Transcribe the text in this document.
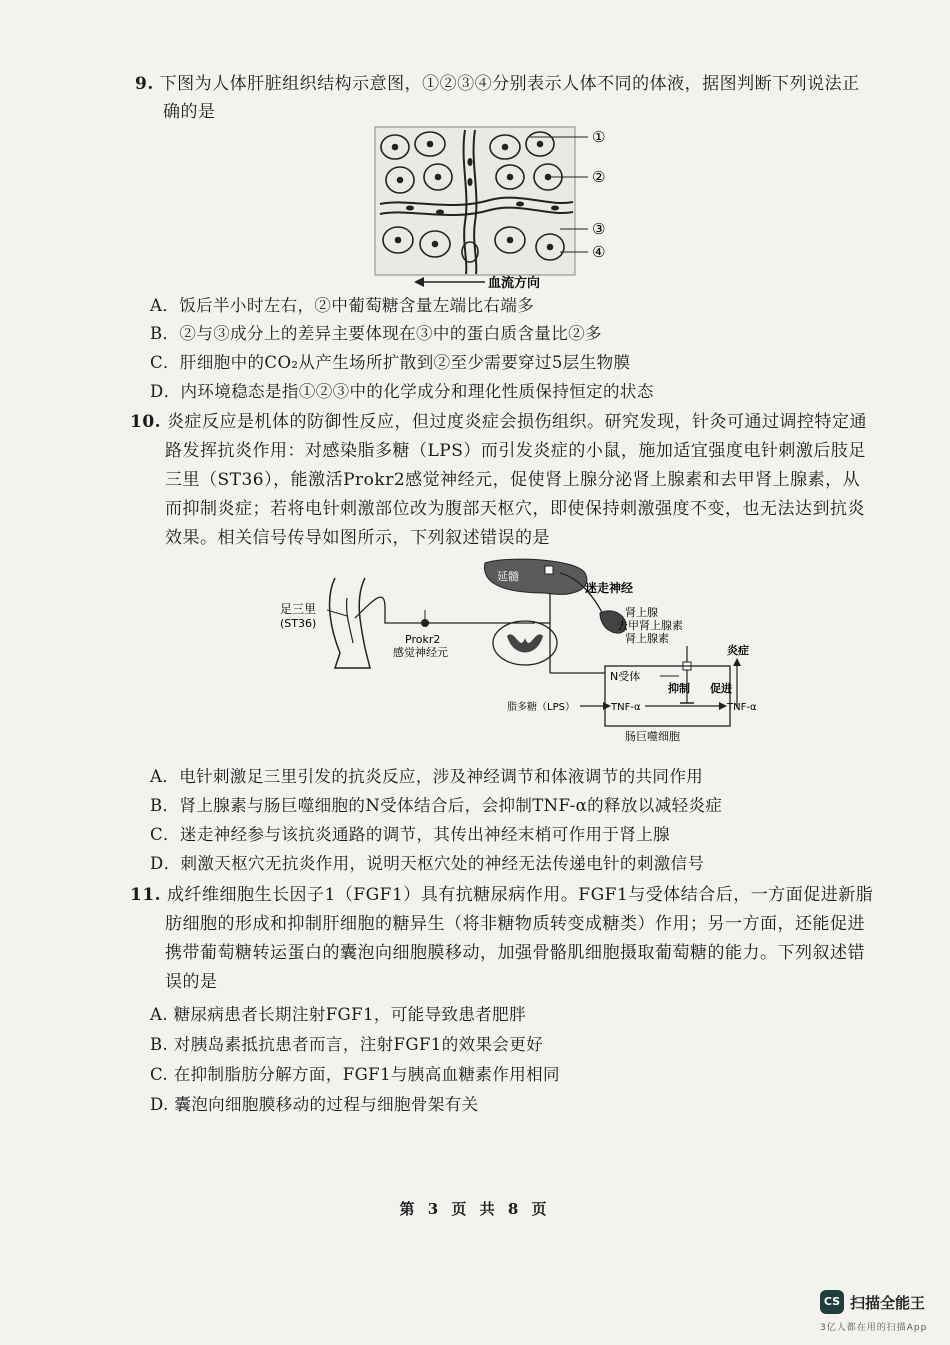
9. 下图为人体肝脏组织结构示意图，①②③④分别表示人体不同的体液，据图判断下列说法正
确的是
①
②
③
④
血流方向
A．饭后半小时左右，②中葡萄糖含量左端比右端多
B．②与③成分上的差异主要体现在③中的蛋白质含量比②多
C．肝细胞中的CO₂从产生场所扩散到②至少需要穿过5层生物膜
D．内环境稳态是指①②③中的化学成分和理化性质保持恒定的状态
10. 炎症反应是机体的防御性反应，但过度炎症会损伤组织。研究发现，针灸可通过调控特定通
路发挥抗炎作用：对感染脂多糖（LPS）而引发炎症的小鼠，施加适宜强度电针刺激后肢足
三里（ST36），能激活Prokr2感觉神经元，促使肾上腺分泌肾上腺素和去甲肾上腺素，从
而抑制炎症；若将电针刺激部位改为腹部天枢穴，即使保持刺激强度不变，也无法达到抗炎
效果。相关信号传导如图所示，下列叙述错误的是
足三里
(ST36)
Prokr2
感觉神经元
延髓
迷走神经
肾上腺
去甲肾上腺素
肾上腺素
N受体
抑制 促进
炎症
脂多糖（LPS）	TNF-α	TNF-α
肠巨噬细胞
A．电针刺激足三里引发的抗炎反应，涉及神经调节和体液调节的共同作用
B．肾上腺素与肠巨噬细胞的N受体结合后，会抑制TNF-α的释放以减轻炎症
C．迷走神经参与该抗炎通路的调节，其传出神经末梢可作用于肾上腺
D．刺激天枢穴无抗炎作用，说明天枢穴处的神经无法传递电针的刺激信号
11. 成纤维细胞生长因子1（FGF1）具有抗糖尿病作用。FGF1与受体结合后，一方面促进新脂
肪细胞的形成和抑制肝细胞的糖异生（将非糖物质转变成糖类）作用；另一方面，还能促进
携带葡萄糖转运蛋白的囊泡向细胞膜移动，加强骨骼肌细胞摄取葡萄糖的能力。下列叙述错
误的是
A. 糖尿病患者长期注射FGF1，可能导致患者肥胖
B. 对胰岛素抵抗患者而言，注射FGF1的效果会更好
C. 在抑制脂肪分解方面，FGF1与胰高血糖素作用相同
D. 囊泡向细胞膜移动的过程与细胞骨架有关
第 3 页 共 8 页
CS 扫描全能王
3亿人都在用的扫描App
